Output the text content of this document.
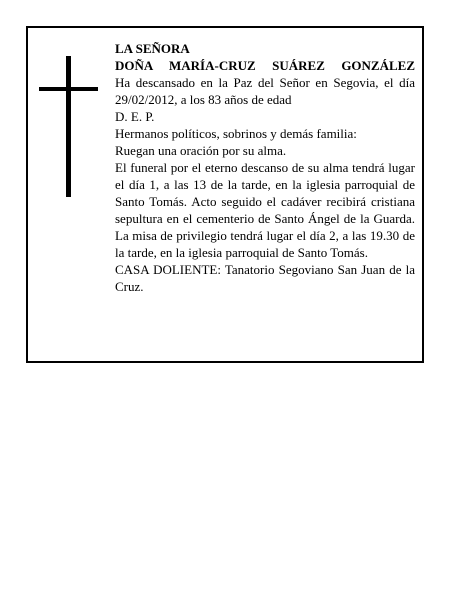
LA SEÑORA

DOÑA MARÍA-CRUZ SUÁREZ GONZÁLEZ

Ha descansado en la Paz del Señor en Segovia, el día 29/02/2012, a los 83 años de edad

D. E. P.

Hermanos políticos, sobrinos y demás familia:

Ruegan una oración por su alma.

El funeral por el eterno descanso de su alma tendrá lugar el día 1, a las 13 de la tarde, en la iglesia parroquial de Santo Tomás. Acto seguido el cadáver recibirá cristiana sepultura en el cementerio de Santo Ángel de la Guarda. La misa de privilegio tendrá lugar el día 2, a las 19.30 de la tarde, en la iglesia parroquial de Santo Tomás.

CASA DOLIENTE: Tanatorio Segoviano San Juan de la Cruz.
